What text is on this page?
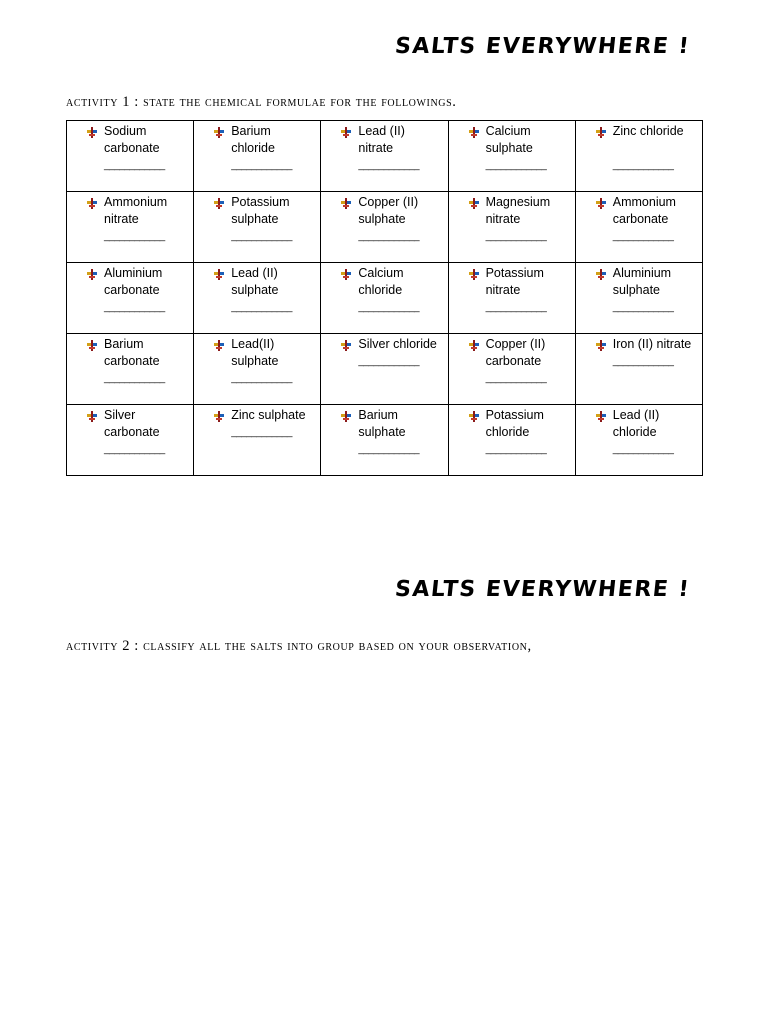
SALTS EVERYWHERE !
activity 1 : state the chemical formulae for the followings.
Sodium
carbonate
____________	Barium
chloride
____________	Lead (II)
nitrate
____________	Calcium
sulphate
____________	Zinc chloride

____________

Ammonium
nitrate
____________	Potassium
sulphate
____________	Copper (II)
sulphate
____________	Magnesium
nitrate
____________	Ammonium
carbonate
____________

Aluminium
carbonate
____________	Lead (II)
sulphate
____________	Calcium
chloride
____________	Potassium
nitrate
____________	Aluminium
sulphate
____________

Barium
carbonate
____________	Lead(II)
sulphate
____________	Silver chloride
____________	Copper (II)
carbonate
____________	Iron (II) nitrate
____________

Silver
carbonate
____________	Zinc sulphate
____________	Barium
sulphate
____________	Potassium
chloride
____________	Lead (II)
chloride
____________
SALTS EVERYWHERE !
activity 2 : classify all the salts into group based on your observation,
